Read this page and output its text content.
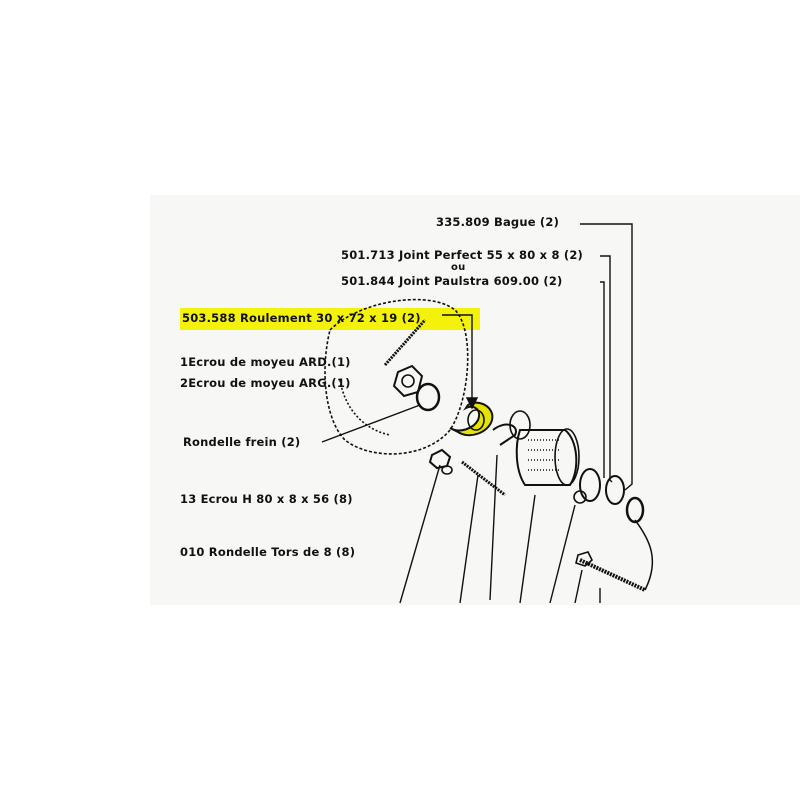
335.809 Bague (2)
501.713 Joint Perfect 55 x 80 x 8 (2)
ou
501.844 Joint Paulstra 609.00 (2)
503.588 Roulement 30 x 72 x 19 (2)
1Ecrou de moyeu ARD.(1)
2Ecrou de moyeu ARG.(1)
Rondelle frein (2)
13 Ecrou H 80 x 8 x 56 (8)
010 Rondelle Tors de 8 (8)
